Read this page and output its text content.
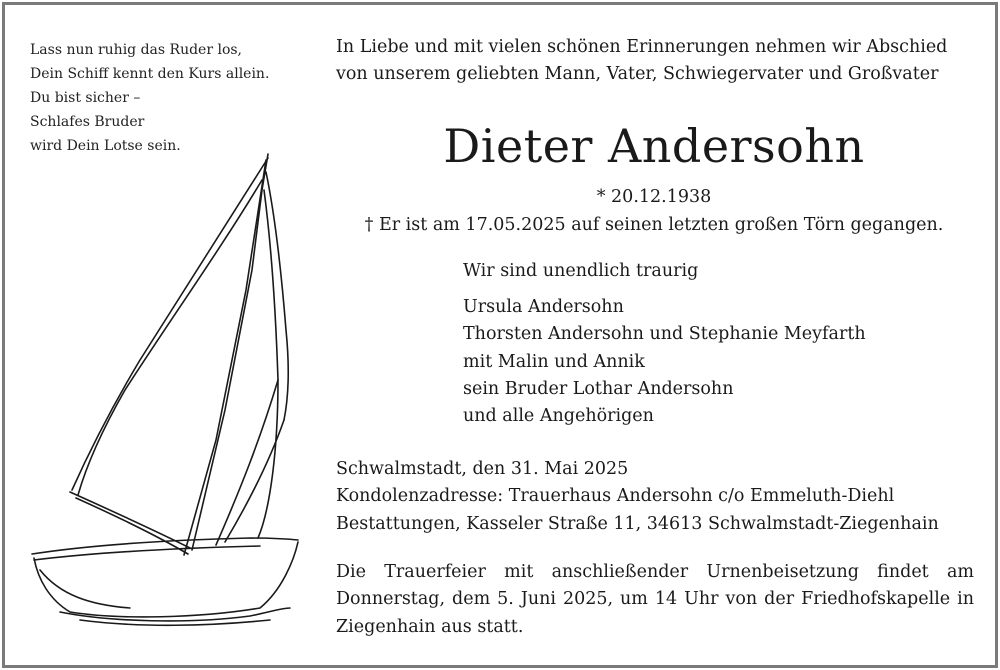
Lass nun ruhig das Ruder los,
Dein Schiff kennt den Kurs allein.
Du bist sicher –
Schlafes Bruder
wird Dein Lotse sein.
In Liebe und mit vielen schönen Erinnerungen nehmen wir Abschied
von unserem geliebten Mann, Vater, Schwiegervater und Großvater
Dieter Andersohn
* 20.12.1938
† Er ist am 17.05.2025 auf seinen letzten großen Törn gegangen.
Wir sind unendlich traurig
Ursula Andersohn
Thorsten Andersohn und Stephanie Meyfarth
mit Malin und Annik
sein Bruder Lothar Andersohn
und alle Angehörigen
Schwalmstadt, den 31. Mai 2025
Kondolenzadresse: Trauerhaus Andersohn c/o Emmeluth-Diehl
Bestattungen, Kasseler Straße 11, 34613 Schwalmstadt-Ziegenhain
Die Trauerfeier mit anschließender Urnenbeisetzung findet am Donnerstag, dem 5. Juni 2025, um 14 Uhr von der Friedhofskapelle in Ziegenhain aus statt.
